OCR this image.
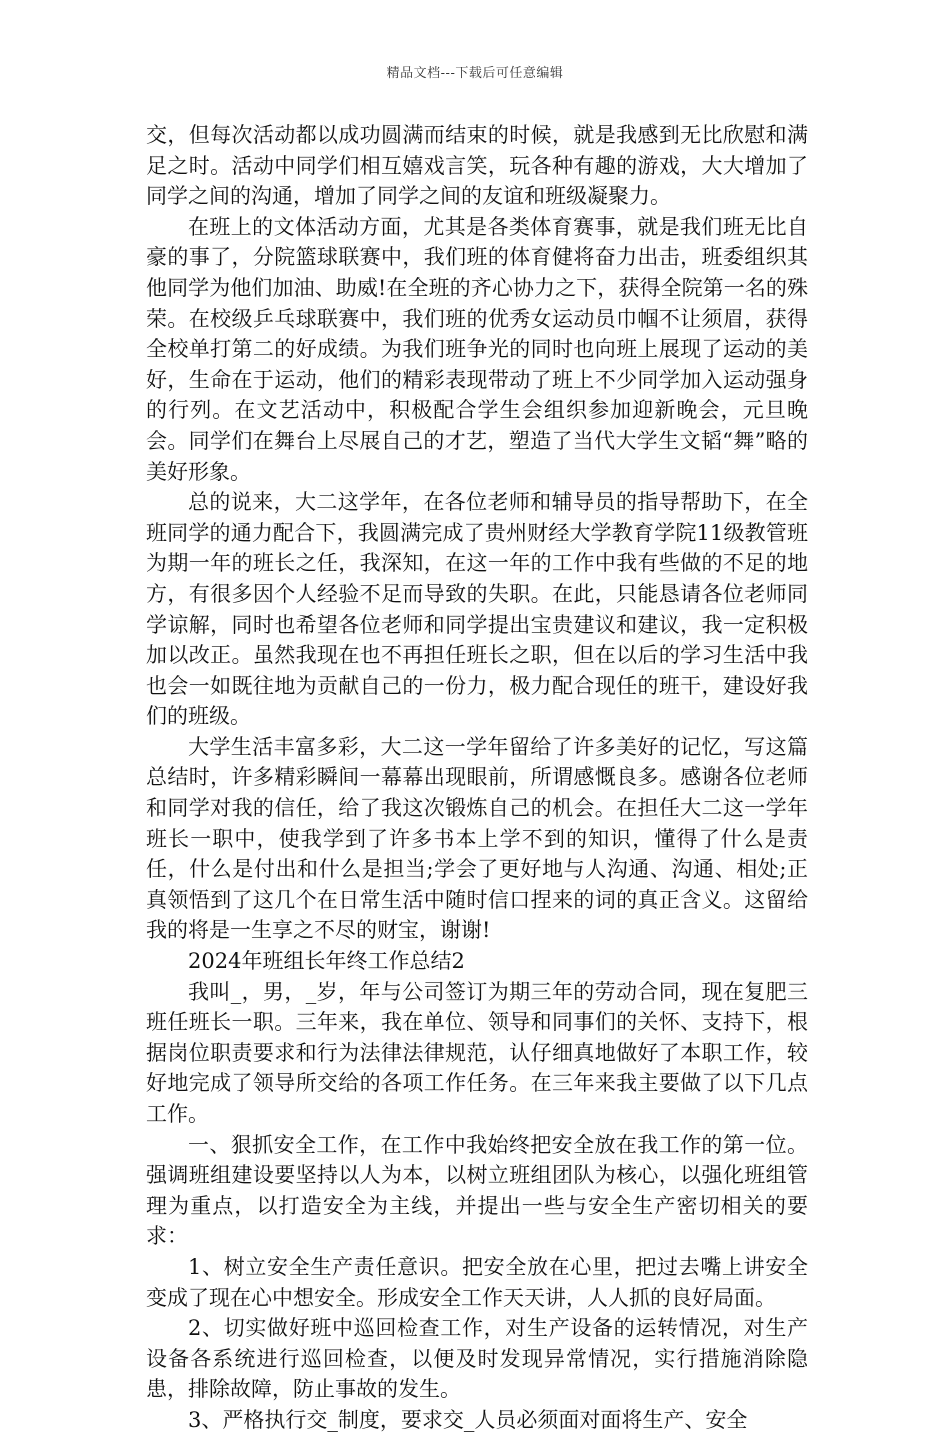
精品文档---下载后可任意编辑

交，但每次活动都以成功圆满而结束的时候，就是我感到无比欣慰和满足之时。活动中同学们相互嬉戏言笑，玩各种有趣的游戏，大大增加了同学之间的沟通，增加了同学之间的友谊和班级凝聚力。

在班上的文体活动方面，尤其是各类体育赛事，就是我们班无比自豪的事了，分院篮球联赛中，我们班的体育健将奋力出击，班委组织其他同学为他们加油、助威!在全班的齐心协力之下，获得全院第一名的殊荣。在校级乒乓球联赛中，我们班的优秀女运动员巾帼不让须眉，获得全校单打第二的好成绩。为我们班争光的同时也向班上展现了运动的美好，生命在于运动，他们的精彩表现带动了班上不少同学加入运动强身的行列。在文艺活动中，积极配合学生会组织参加迎新晚会，元旦晚会。同学们在舞台上尽展自己的才艺，塑造了当代大学生文韬“舞”略的美好形象。

总的说来，大二这学年，在各位老师和辅导员的指导帮助下，在全班同学的通力配合下，我圆满完成了贵州财经大学教育学院11级教管班为期一年的班长之任，我深知，在这一年的工作中我有些做的不足的地方，有很多因个人经验不足而导致的失职。在此，只能恳请各位老师同学谅解，同时也希望各位老师和同学提出宝贵建议和建议，我一定积极加以改正。虽然我现在也不再担任班长之职，但在以后的学习生活中我也会一如既往地为贡献自己的一份力，极力配合现任的班干，建设好我们的班级。

大学生活丰富多彩，大二这一学年留给了许多美好的记忆，写这篇总结时，许多精彩瞬间一幕幕出现眼前，所谓感慨良多。感谢各位老师和同学对我的信任，给了我这次锻炼自己的机会。在担任大二这一学年班长一职中，使我学到了许多书本上学不到的知识，懂得了什么是责任，什么是付出和什么是担当;学会了更好地与人沟通、沟通、相处;正真领悟到了这几个在日常生活中随时信口捏来的词的真正含义。这留给我的将是一生享之不尽的财宝，谢谢!

2024年班组长年终工作总结2

我叫_，男，_岁，年与公司签订为期三年的劳动合同，现在复肥三班任班长一职。三年来，我在单位、领导和同事们的关怀、支持下，根据岗位职责要求和行为法律法律规范，认仔细真地做好了本职工作，较好地完成了领导所交给的各项工作任务。在三年来我主要做了以下几点工作。

一、狠抓安全工作，在工作中我始终把安全放在我工作的第一位。强调班组建设要坚持以人为本，以树立班组团队为核心，以强化班组管理为重点，以打造安全为主线，并提出一些与安全生产密切相关的要求：

1、树立安全生产责任意识。把安全放在心里，把过去嘴上讲安全变成了现在心中想安全。形成安全工作天天讲，人人抓的良好局面。

2、切实做好班中巡回检查工作，对生产设备的运转情况，对生产设备各系统进行巡回检查，以便及时发现异常情况，实行措施消除隐患，排除故障，防止事故的发生。

3、严格执行交_制度，要求交_人员必须面对面将生产、安全
